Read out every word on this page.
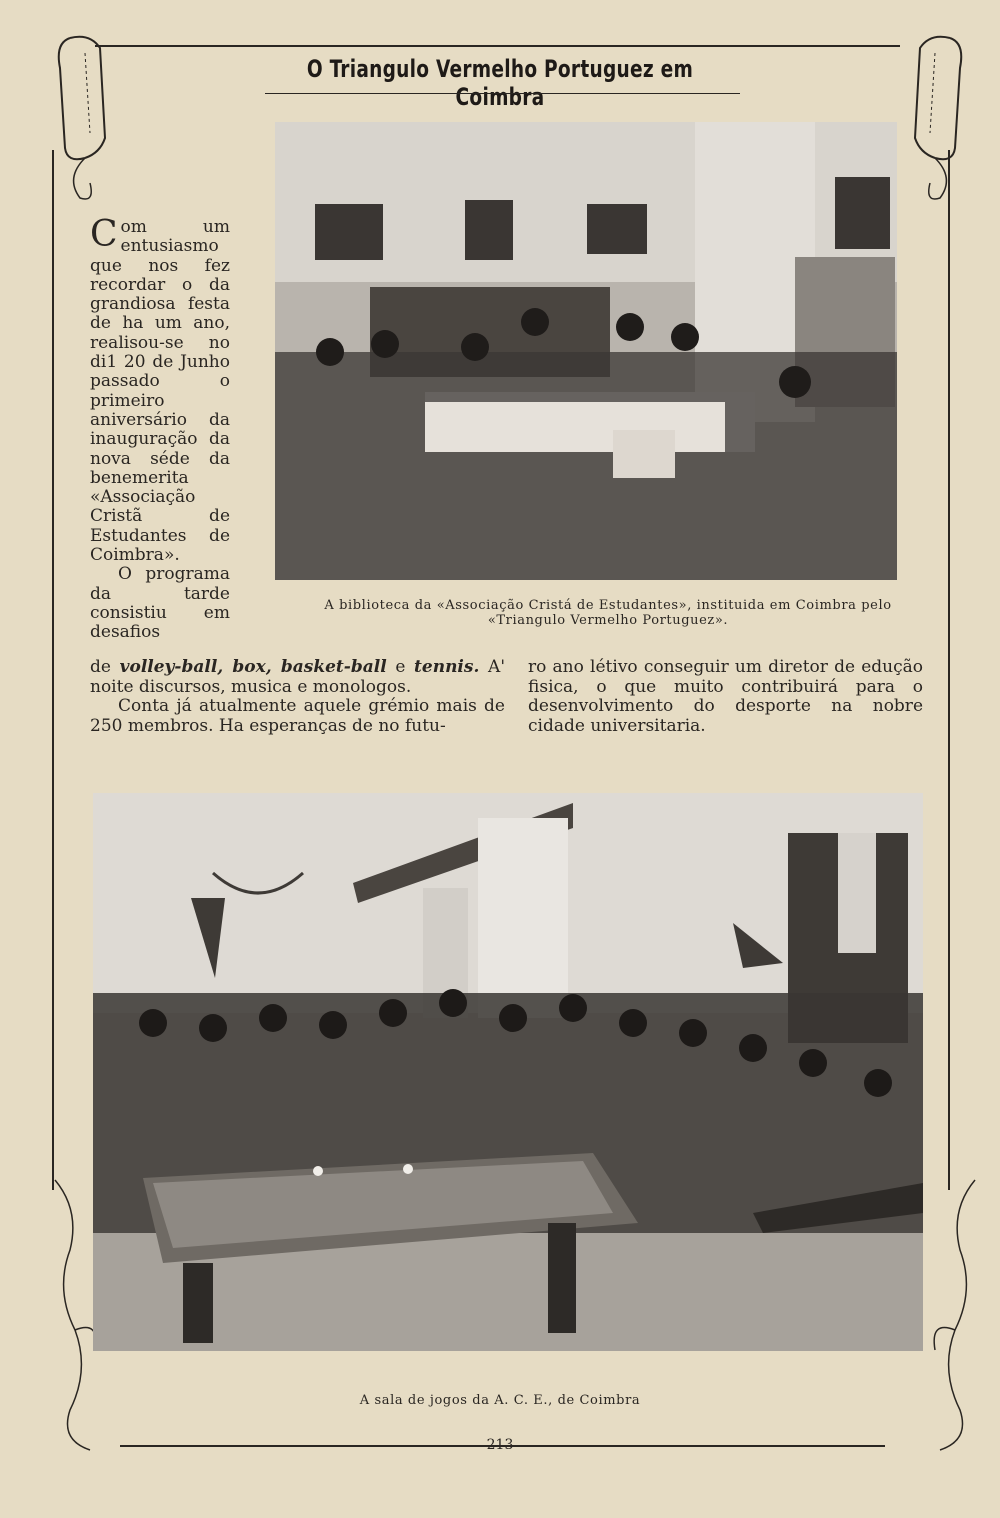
O Triangulo Vermelho Portuguez em Coimbra

Com um entusiasmo que nos fez recordar o da grandiosa festa de ha um ano, realisou-se no di1 20 de Junho passado o primeiro aniversário da inauguração da nova séde da benemerita «Associação Cristã de Estudantes de Coimbra».

O programa da tarde consistiu em desafios

A biblioteca da «Associação Cristá de Estudantes», instituida em Coimbra pelo «Triangulo Vermelho Portuguez».

de volley-ball, box, basket-ball e tennis. A' noite discursos, musica e monologos.

Conta já atualmente aquele grémio mais de 250 membros. Ha esperanças de no futu-

ro ano létivo conseguir um diretor de edução fisica, o que muito contribuirá para o desenvolvimento do desporte na nobre cidade universitaria.

A sala de jogos da A. C. E., de Coimbra
213
